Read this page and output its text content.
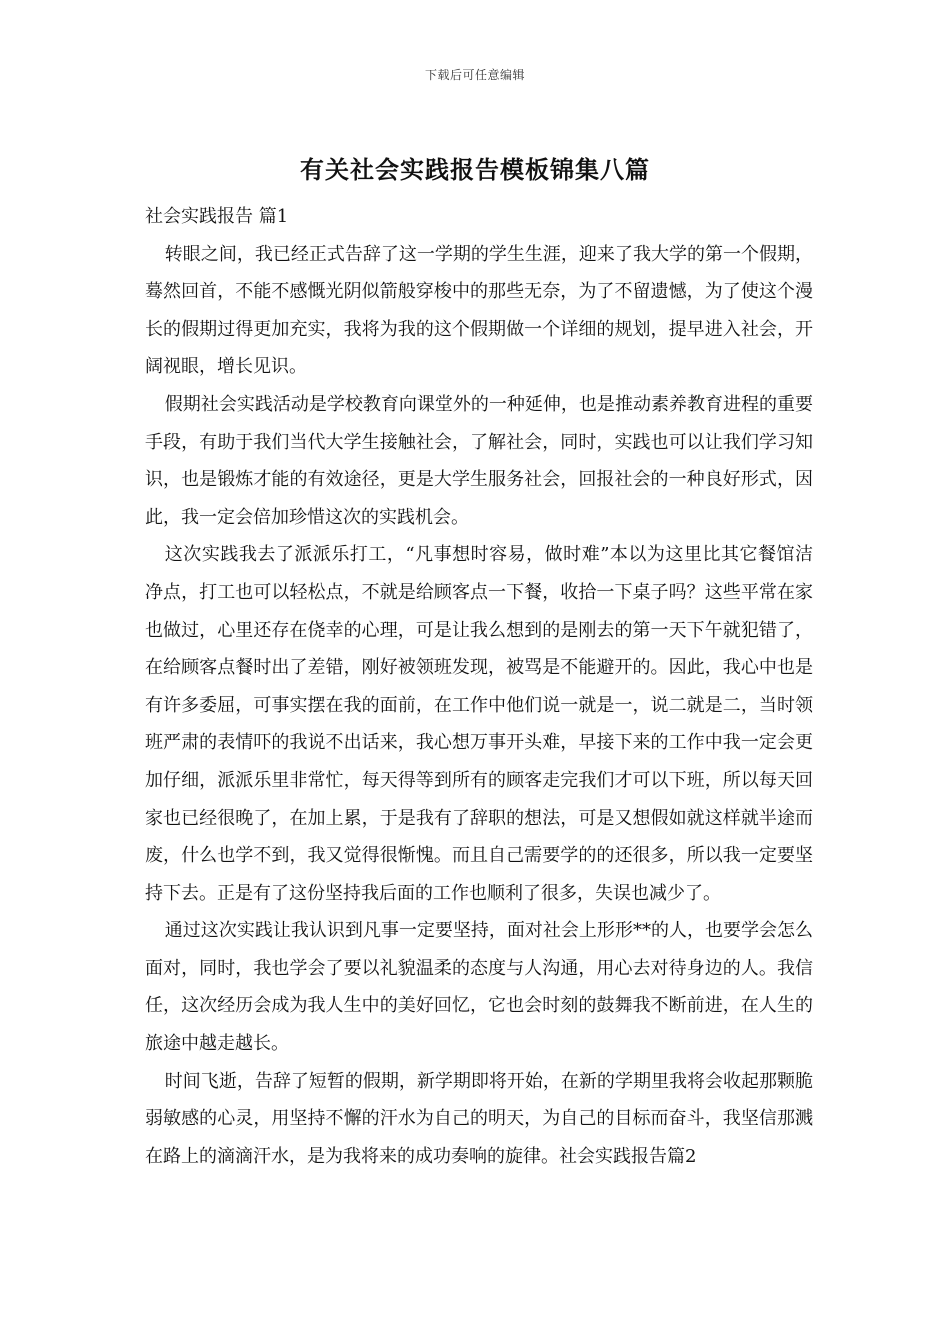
下载后可任意编辑
有关社会实践报告模板锦集八篇

社会实践报告 篇1

转眼之间，我已经正式告辞了这一学期的学生生涯，迎来了我大学的第一个假期，蓦然回首，不能不感慨光阴似箭般穿梭中的那些无奈，为了不留遗憾，为了使这个漫长的假期过得更加充实，我将为我的这个假期做一个详细的规划，提早进入社会，开阔视眼，增长见识。

假期社会实践活动是学校教育向课堂外的一种延伸，也是推动素养教育进程的重要手段，有助于我们当代大学生接触社会，了解社会，同时，实践也可以让我们学习知识，也是锻炼才能的有效途径，更是大学生服务社会，回报社会的一种良好形式，因此，我一定会倍加珍惜这次的实践机会。

这次实践我去了派派乐打工，“凡事想时容易，做时难”本以为这里比其它餐馆洁净点，打工也可以轻松点，不就是给顾客点一下餐，收拾一下桌子吗？这些平常在家也做过，心里还存在侥幸的心理，可是让我么想到的是刚去的第一天下午就犯错了，在给顾客点餐时出了差错，刚好被领班发现，被骂是不能避开的。因此，我心中也是有许多委屈，可事实摆在我的面前，在工作中他们说一就是一，说二就是二，当时领班严肃的表情吓的我说不出话来，我心想万事开头难，早接下来的工作中我一定会更加仔细，派派乐里非常忙，每天得等到所有的顾客走完我们才可以下班，所以每天回家也已经很晚了，在加上累，于是我有了辞职的想法，可是又想假如就这样就半途而废，什么也学不到，我又觉得很惭愧。而且自己需要学的的还很多，所以我一定要坚持下去。正是有了这份坚持我后面的工作也顺利了很多，失误也减少了。

通过这次实践让我认识到凡事一定要坚持，面对社会上形形**的人，也要学会怎么面对，同时，我也学会了要以礼貌温柔的态度与人沟通，用心去对待身边的人。我信任，这次经历会成为我人生中的美好回忆，它也会时刻的鼓舞我不断前进，在人生的旅途中越走越长。

时间飞逝，告辞了短暂的假期，新学期即将开始，在新的学期里我将会收起那颗脆弱敏感的心灵，用坚持不懈的汗水为自己的明天，为自己的目标而奋斗，我坚信那溅在路上的滴滴汗水，是为我将来的成功奏响的旋律。社会实践报告篇2
